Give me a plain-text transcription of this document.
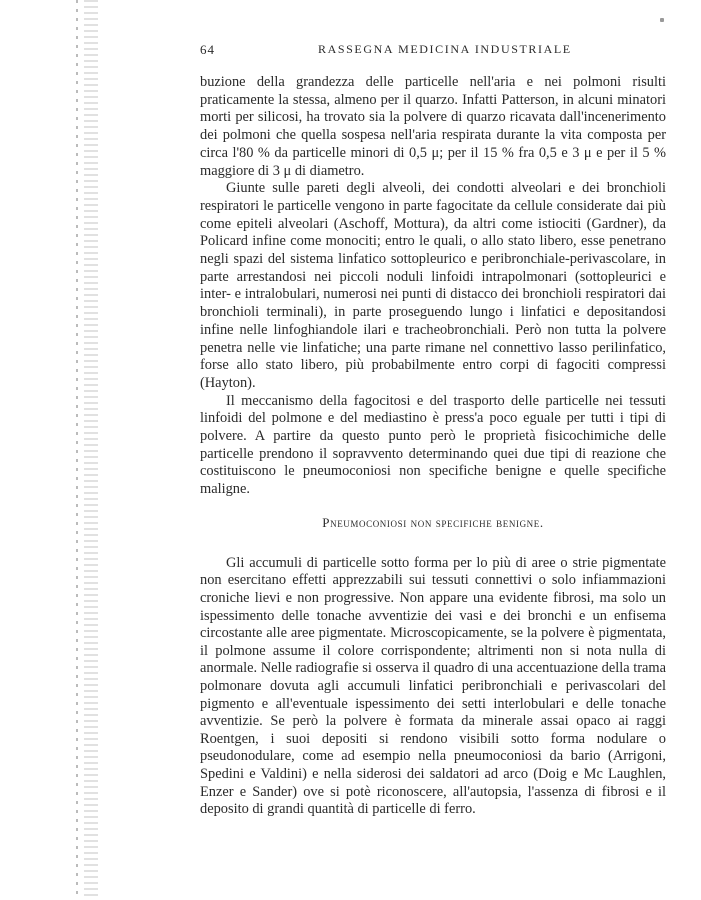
64	RASSEGNA MEDICINA INDUSTRIALE

buzione della grandezza delle particelle nell'aria e nei polmoni risulti praticamente la stessa, almeno per il quarzo. Infatti Patterson, in alcuni minatori morti per silicosi, ha trovato sia la polvere di quarzo ricavata dall'incenerimento dei polmoni che quella sospesa nell'aria respirata durante la vita composta per circa l'80 % da particelle minori di 0,5 μ; per il 15 % fra 0,5 e 3 μ e per il 5 % maggiore di 3 μ di diametro.

Giunte sulle pareti degli alveoli, dei condotti alveolari e dei bronchioli respiratori le particelle vengono in parte fagocitate da cellule considerate dai più come epiteli alveolari (Aschoff, Mottura), da altri come istiociti (Gardner), da Policard infine come monociti; entro le quali, o allo stato libero, esse penetrano negli spazi del sistema linfatico sottopleurico e peribronchiale-perivascolare, in parte arrestandosi nei piccoli noduli linfoidi intrapolmonari (sottopleurici e inter- e intralobulari, numerosi nei punti di distacco dei bronchioli respiratori dai bronchioli terminali), in parte proseguendo lungo i linfatici e depositandosi infine nelle linfoghiandole ilari e tracheobronchiali. Però non tutta la polvere penetra nelle vie linfatiche; una parte rimane nel connettivo lasso perilinfatico, forse allo stato libero, più probabilmente entro corpi di fagociti compressi (Hayton).

Il meccanismo della fagocitosi e del trasporto delle particelle nei tessuti linfoidi del polmone e del mediastino è press'a poco eguale per tutti i tipi di polvere. A partire da questo punto però le proprietà fisicochimiche delle particelle prendono il sopravvento determinando quei due tipi di reazione che costituiscono le pneumoconiosi non specifiche benigne e quelle specifiche maligne.

Pneumoconiosi non specifiche benigne.

Gli accumuli di particelle sotto forma per lo più di aree o strie pigmentate non esercitano effetti apprezzabili sui tessuti connettivi o solo infiammazioni croniche lievi e non progressive. Non appare una evidente fibrosi, ma solo un ispessimento delle tonache avventizie dei vasi e dei bronchi e un enfisema circostante alle aree pigmentate. Microscopicamente, se la polvere è pigmentata, il polmone assume il colore corrispondente; altrimenti non si nota nulla di anormale. Nelle radiografie si osserva il quadro di una accentuazione della trama polmonare dovuta agli accumuli linfatici peribronchiali e perivascolari del pigmento e all'eventuale ispessimento dei setti interlobulari e delle tonache avventizie. Se però la polvere è formata da minerale assai opaco ai raggi Roentgen, i suoi depositi si rendono visibili sotto forma nodulare o pseudonodulare, come ad esempio nella pneumoconiosi da bario (Arrigoni, Spedini e Valdini) e nella siderosi dei saldatori ad arco (Doig e Mc Laughlen, Enzer e Sander) ove si potè riconoscere, all'autopsia, l'assenza di fibrosi e il deposito di grandi quantità di particelle di ferro.
